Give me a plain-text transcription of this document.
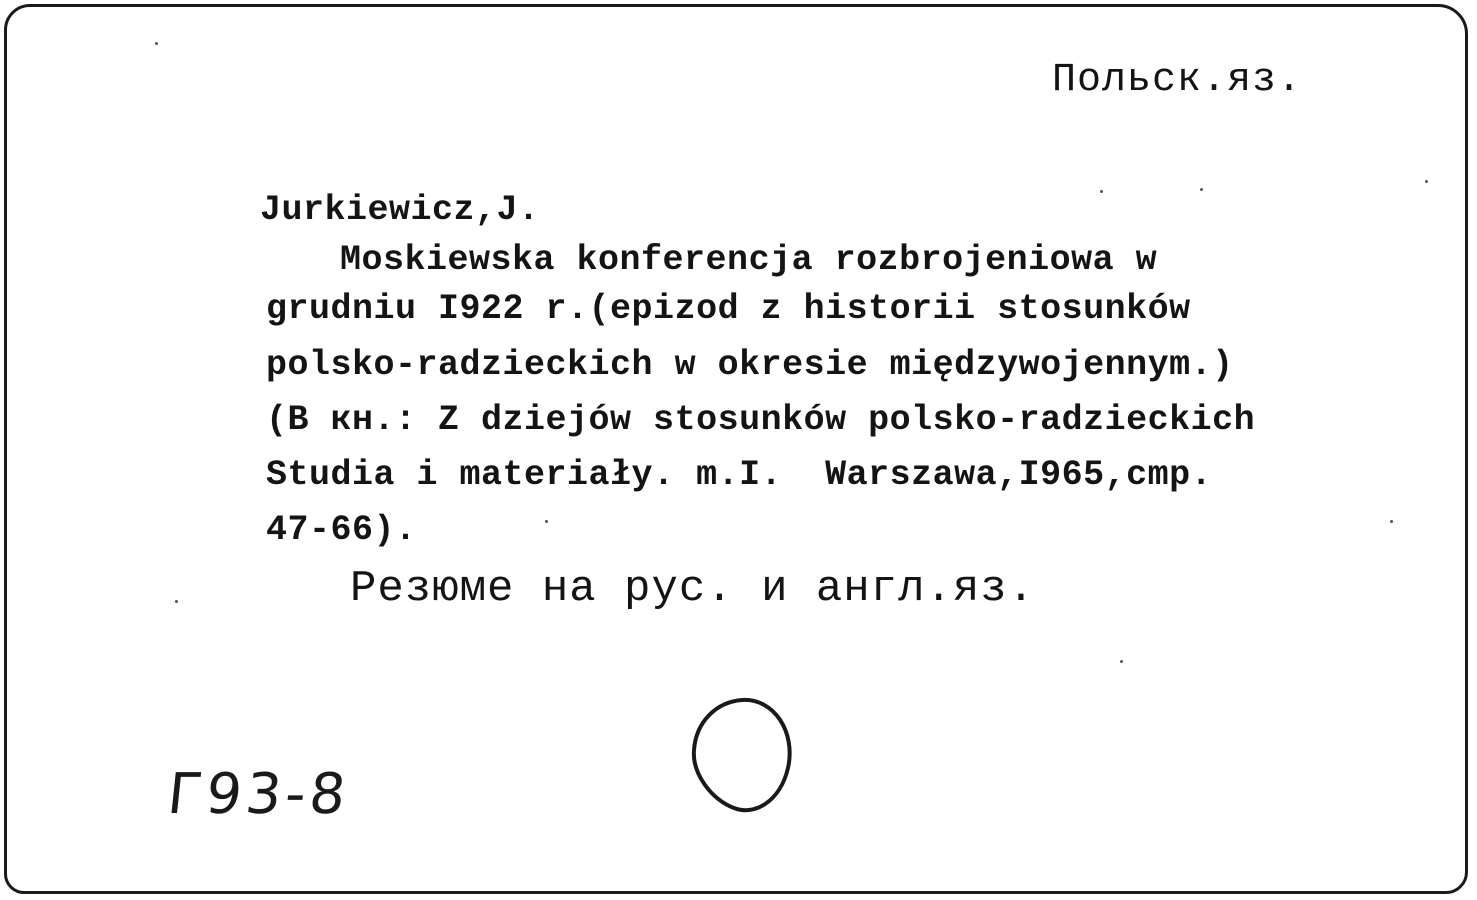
Польск.яз.
Jurkiewicz,J.
Moskiewska konferencja rozbrojeniowa w
grudniu I922 r.(epizod z historii stosunków
polsko-radzieckich w okresie międzywojennym.)
(В кн.: Z dziejów stosunków polsko-radzieckich
Studia i materiały. m.I.  Warszawa,I965,cmp.
47-66).
Резюме на рус. и англ.яз.
Г93-8
